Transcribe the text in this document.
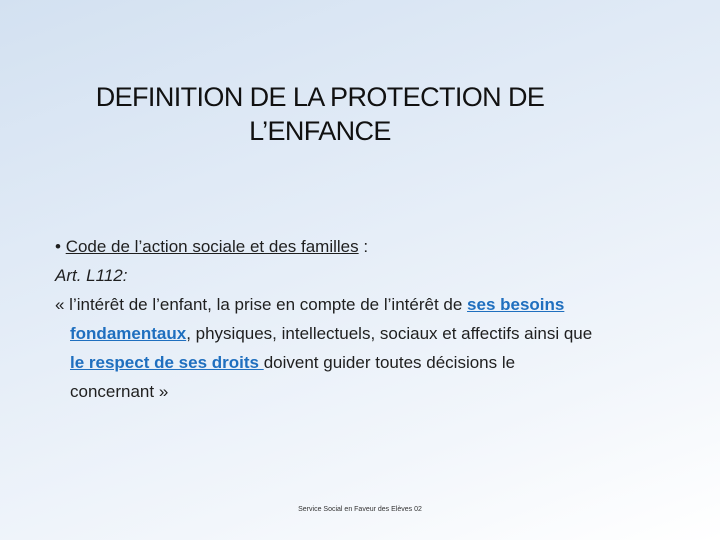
DEFINITION DE LA PROTECTION DE
L’ENFANCE
• Code de l’action sociale et des familles :
Art. L112:
« l’intérêt de l’enfant, la prise en compte de l’intérêt de ses besoins
fondamentaux, physiques, intellectuels, sociaux et affectifs ainsi que
le respect de ses droits doivent guider toutes décisions le
concernant »
Service Social en Faveur des Elèves 02
